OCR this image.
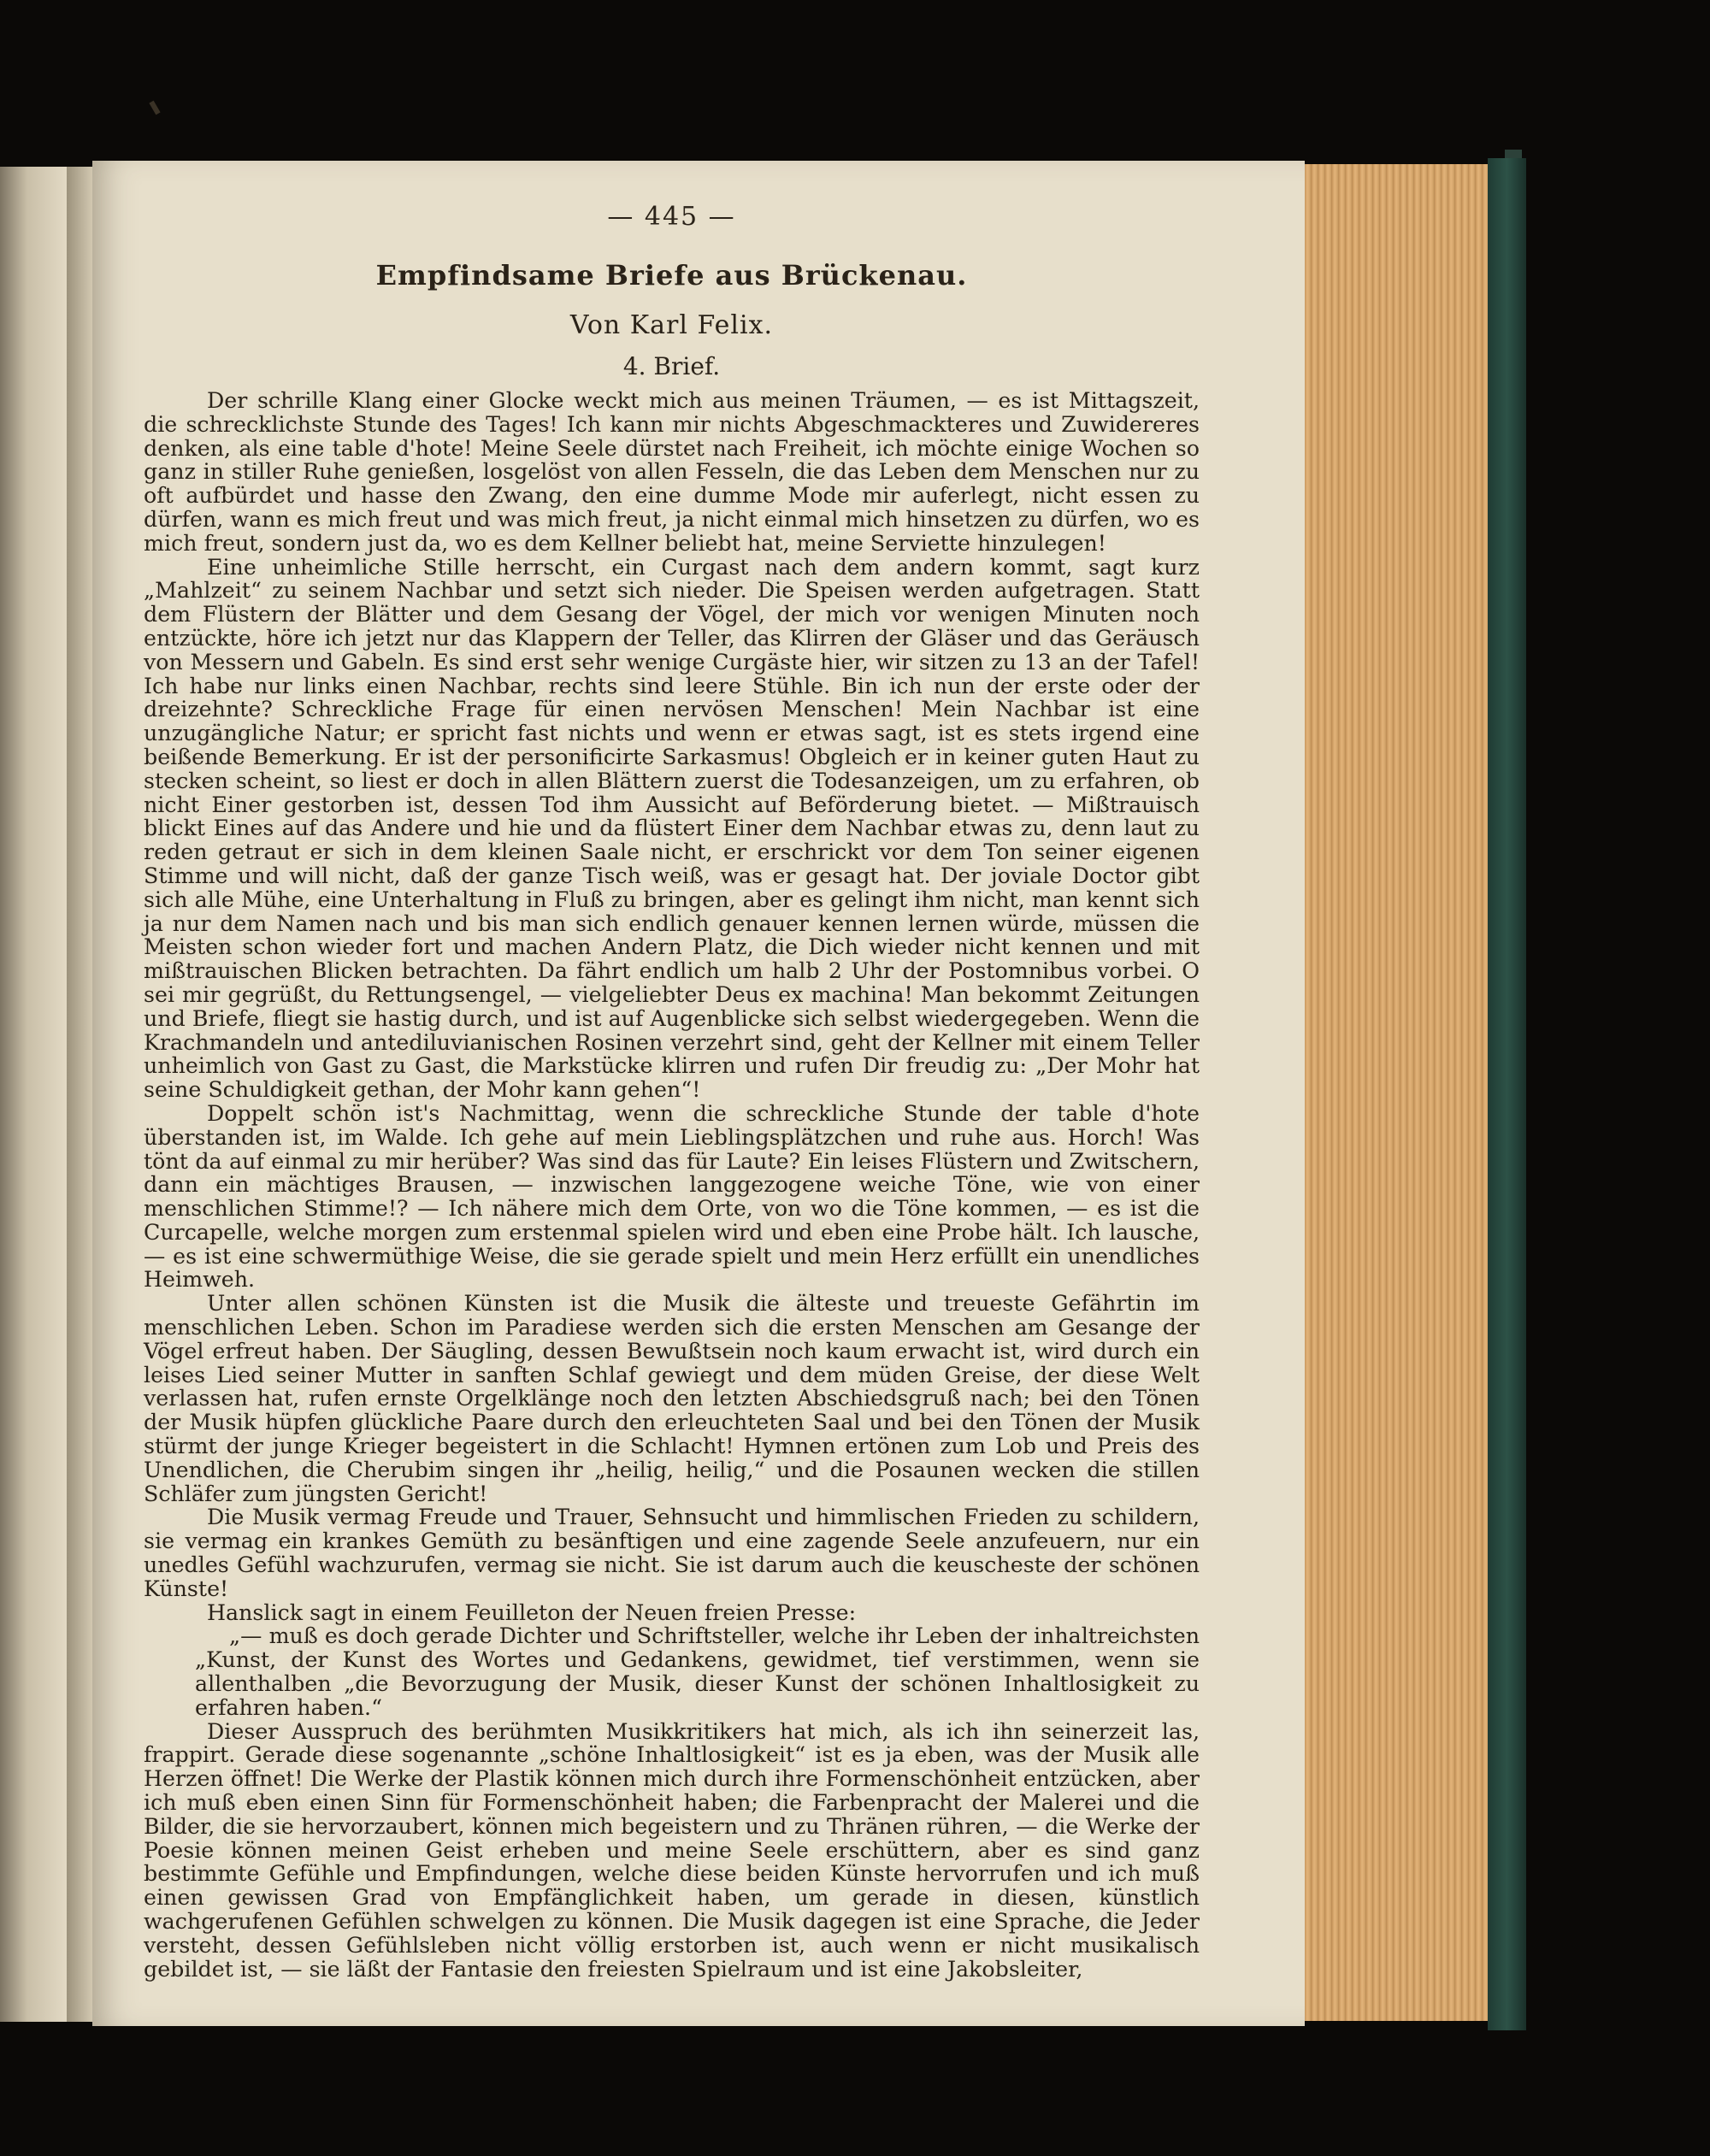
— 445 —
Empfindsame Briefe aus Brückenau.
Von Karl Felix.
4. Brief.

Der schrille Klang einer Glocke weckt mich aus meinen Träumen, — es ist Mittagszeit, die schrecklichste Stunde des Tages! Ich kann mir nichts Abgeschmackteres und Zuwidereres denken, als eine table d'hote! Meine Seele dürstet nach Freiheit, ich möchte einige Wochen so ganz in stiller Ruhe genießen, losgelöst von allen Fesseln, die das Leben dem Menschen nur zu oft aufbürdet und hasse den Zwang, den eine dumme Mode mir auferlegt, nicht essen zu dürfen, wann es mich freut und was mich freut, ja nicht einmal mich hinsetzen zu dürfen, wo es mich freut, sondern just da, wo es dem Kellner beliebt hat, meine Serviette hinzulegen!

Eine unheimliche Stille herrscht, ein Curgast nach dem andern kommt, sagt kurz „Mahlzeit“ zu seinem Nachbar und setzt sich nieder. Die Speisen werden aufgetragen. Statt dem Flüstern der Blätter und dem Gesang der Vögel, der mich vor wenigen Minuten noch entzückte, höre ich jetzt nur das Klappern der Teller, das Klirren der Gläser und das Geräusch von Messern und Gabeln. Es sind erst sehr wenige Curgäste hier, wir sitzen zu 13 an der Tafel! Ich habe nur links einen Nachbar, rechts sind leere Stühle. Bin ich nun der erste oder der dreizehnte? Schreckliche Frage für einen nervösen Menschen! Mein Nachbar ist eine unzugängliche Natur; er spricht fast nichts und wenn er etwas sagt, ist es stets irgend eine beißende Bemerkung. Er ist der personificirte Sarkasmus! Obgleich er in keiner guten Haut zu stecken scheint, so liest er doch in allen Blättern zuerst die Todesanzeigen, um zu erfahren, ob nicht Einer gestorben ist, dessen Tod ihm Aussicht auf Beförderung bietet. — Mißtrauisch blickt Eines auf das Andere und hie und da flüstert Einer dem Nachbar etwas zu, denn laut zu reden getraut er sich in dem kleinen Saale nicht, er erschrickt vor dem Ton seiner eigenen Stimme und will nicht, daß der ganze Tisch weiß, was er gesagt hat. Der joviale Doctor gibt sich alle Mühe, eine Unterhaltung in Fluß zu bringen, aber es gelingt ihm nicht, man kennt sich ja nur dem Namen nach und bis man sich endlich genauer kennen lernen würde, müssen die Meisten schon wieder fort und machen Andern Platz, die Dich wieder nicht kennen und mit mißtrauischen Blicken betrachten. Da fährt endlich um halb 2 Uhr der Postomnibus vorbei. O sei mir gegrüßt, du Rettungsengel, — vielgeliebter Deus ex machina! Man bekommt Zeitungen und Briefe, fliegt sie hastig durch, und ist auf Augenblicke sich selbst wiedergegeben. Wenn die Krachmandeln und antediluvianischen Rosinen verzehrt sind, geht der Kellner mit einem Teller unheimlich von Gast zu Gast, die Markstücke klirren und rufen Dir freudig zu: „Der Mohr hat seine Schuldigkeit gethan, der Mohr kann gehen“!

Doppelt schön ist's Nachmittag, wenn die schreckliche Stunde der table d'hote überstanden ist, im Walde. Ich gehe auf mein Lieblingsplätzchen und ruhe aus. Horch! Was tönt da auf einmal zu mir herüber? Was sind das für Laute? Ein leises Flüstern und Zwitschern, dann ein mächtiges Brausen, — inzwischen langgezogene weiche Töne, wie von einer menschlichen Stimme!? — Ich nähere mich dem Orte, von wo die Töne kommen, — es ist die Curcapelle, welche morgen zum erstenmal spielen wird und eben eine Probe hält. Ich lausche, — es ist eine schwermüthige Weise, die sie gerade spielt und mein Herz erfüllt ein unendliches Heimweh.

Unter allen schönen Künsten ist die Musik die älteste und treueste Gefährtin im menschlichen Leben. Schon im Paradiese werden sich die ersten Menschen am Gesange der Vögel erfreut haben. Der Säugling, dessen Bewußtsein noch kaum erwacht ist, wird durch ein leises Lied seiner Mutter in sanften Schlaf gewiegt und dem müden Greise, der diese Welt verlassen hat, rufen ernste Orgelklänge noch den letzten Abschiedsgruß nach; bei den Tönen der Musik hüpfen glückliche Paare durch den erleuchteten Saal und bei den Tönen der Musik stürmt der junge Krieger begeistert in die Schlacht! Hymnen ertönen zum Lob und Preis des Unendlichen, die Cherubim singen ihr „heilig, heilig,“ und die Posaunen wecken die stillen Schläfer zum jüngsten Gericht!

Die Musik vermag Freude und Trauer, Sehnsucht und himmlischen Frieden zu schildern, sie vermag ein krankes Gemüth zu besänftigen und eine zagende Seele anzufeuern, nur ein unedles Gefühl wachzurufen, vermag sie nicht. Sie ist darum auch die keuscheste der schönen Künste!

Hanslick sagt in einem Feuilleton der Neuen freien Presse:

„— muß es doch gerade Dichter und Schriftsteller, welche ihr Leben der inhaltreichsten „Kunst, der Kunst des Wortes und Gedankens, gewidmet, tief verstimmen, wenn sie allenthalben „die Bevorzugung der Musik, dieser Kunst der schönen Inhaltlosigkeit zu erfahren haben.“

Dieser Ausspruch des berühmten Musikkritikers hat mich, als ich ihn seinerzeit las, frappirt. Gerade diese sogenannte „schöne Inhaltlosigkeit“ ist es ja eben, was der Musik alle Herzen öffnet! Die Werke der Plastik können mich durch ihre Formenschönheit entzücken, aber ich muß eben einen Sinn für Formenschönheit haben; die Farbenpracht der Malerei und die Bilder, die sie hervorzaubert, können mich begeistern und zu Thränen rühren, — die Werke der Poesie können meinen Geist erheben und meine Seele erschüttern, aber es sind ganz bestimmte Gefühle und Empfindungen, welche diese beiden Künste hervorrufen und ich muß einen gewissen Grad von Empfänglichkeit haben, um gerade in diesen, künstlich wachgerufenen Gefühlen schwelgen zu können. Die Musik dagegen ist eine Sprache, die Jeder versteht, dessen Gefühlsleben nicht völlig erstorben ist, auch wenn er nicht musikalisch gebildet ist, — sie läßt der Fantasie den freiesten Spielraum und ist eine Jakobsleiter,
